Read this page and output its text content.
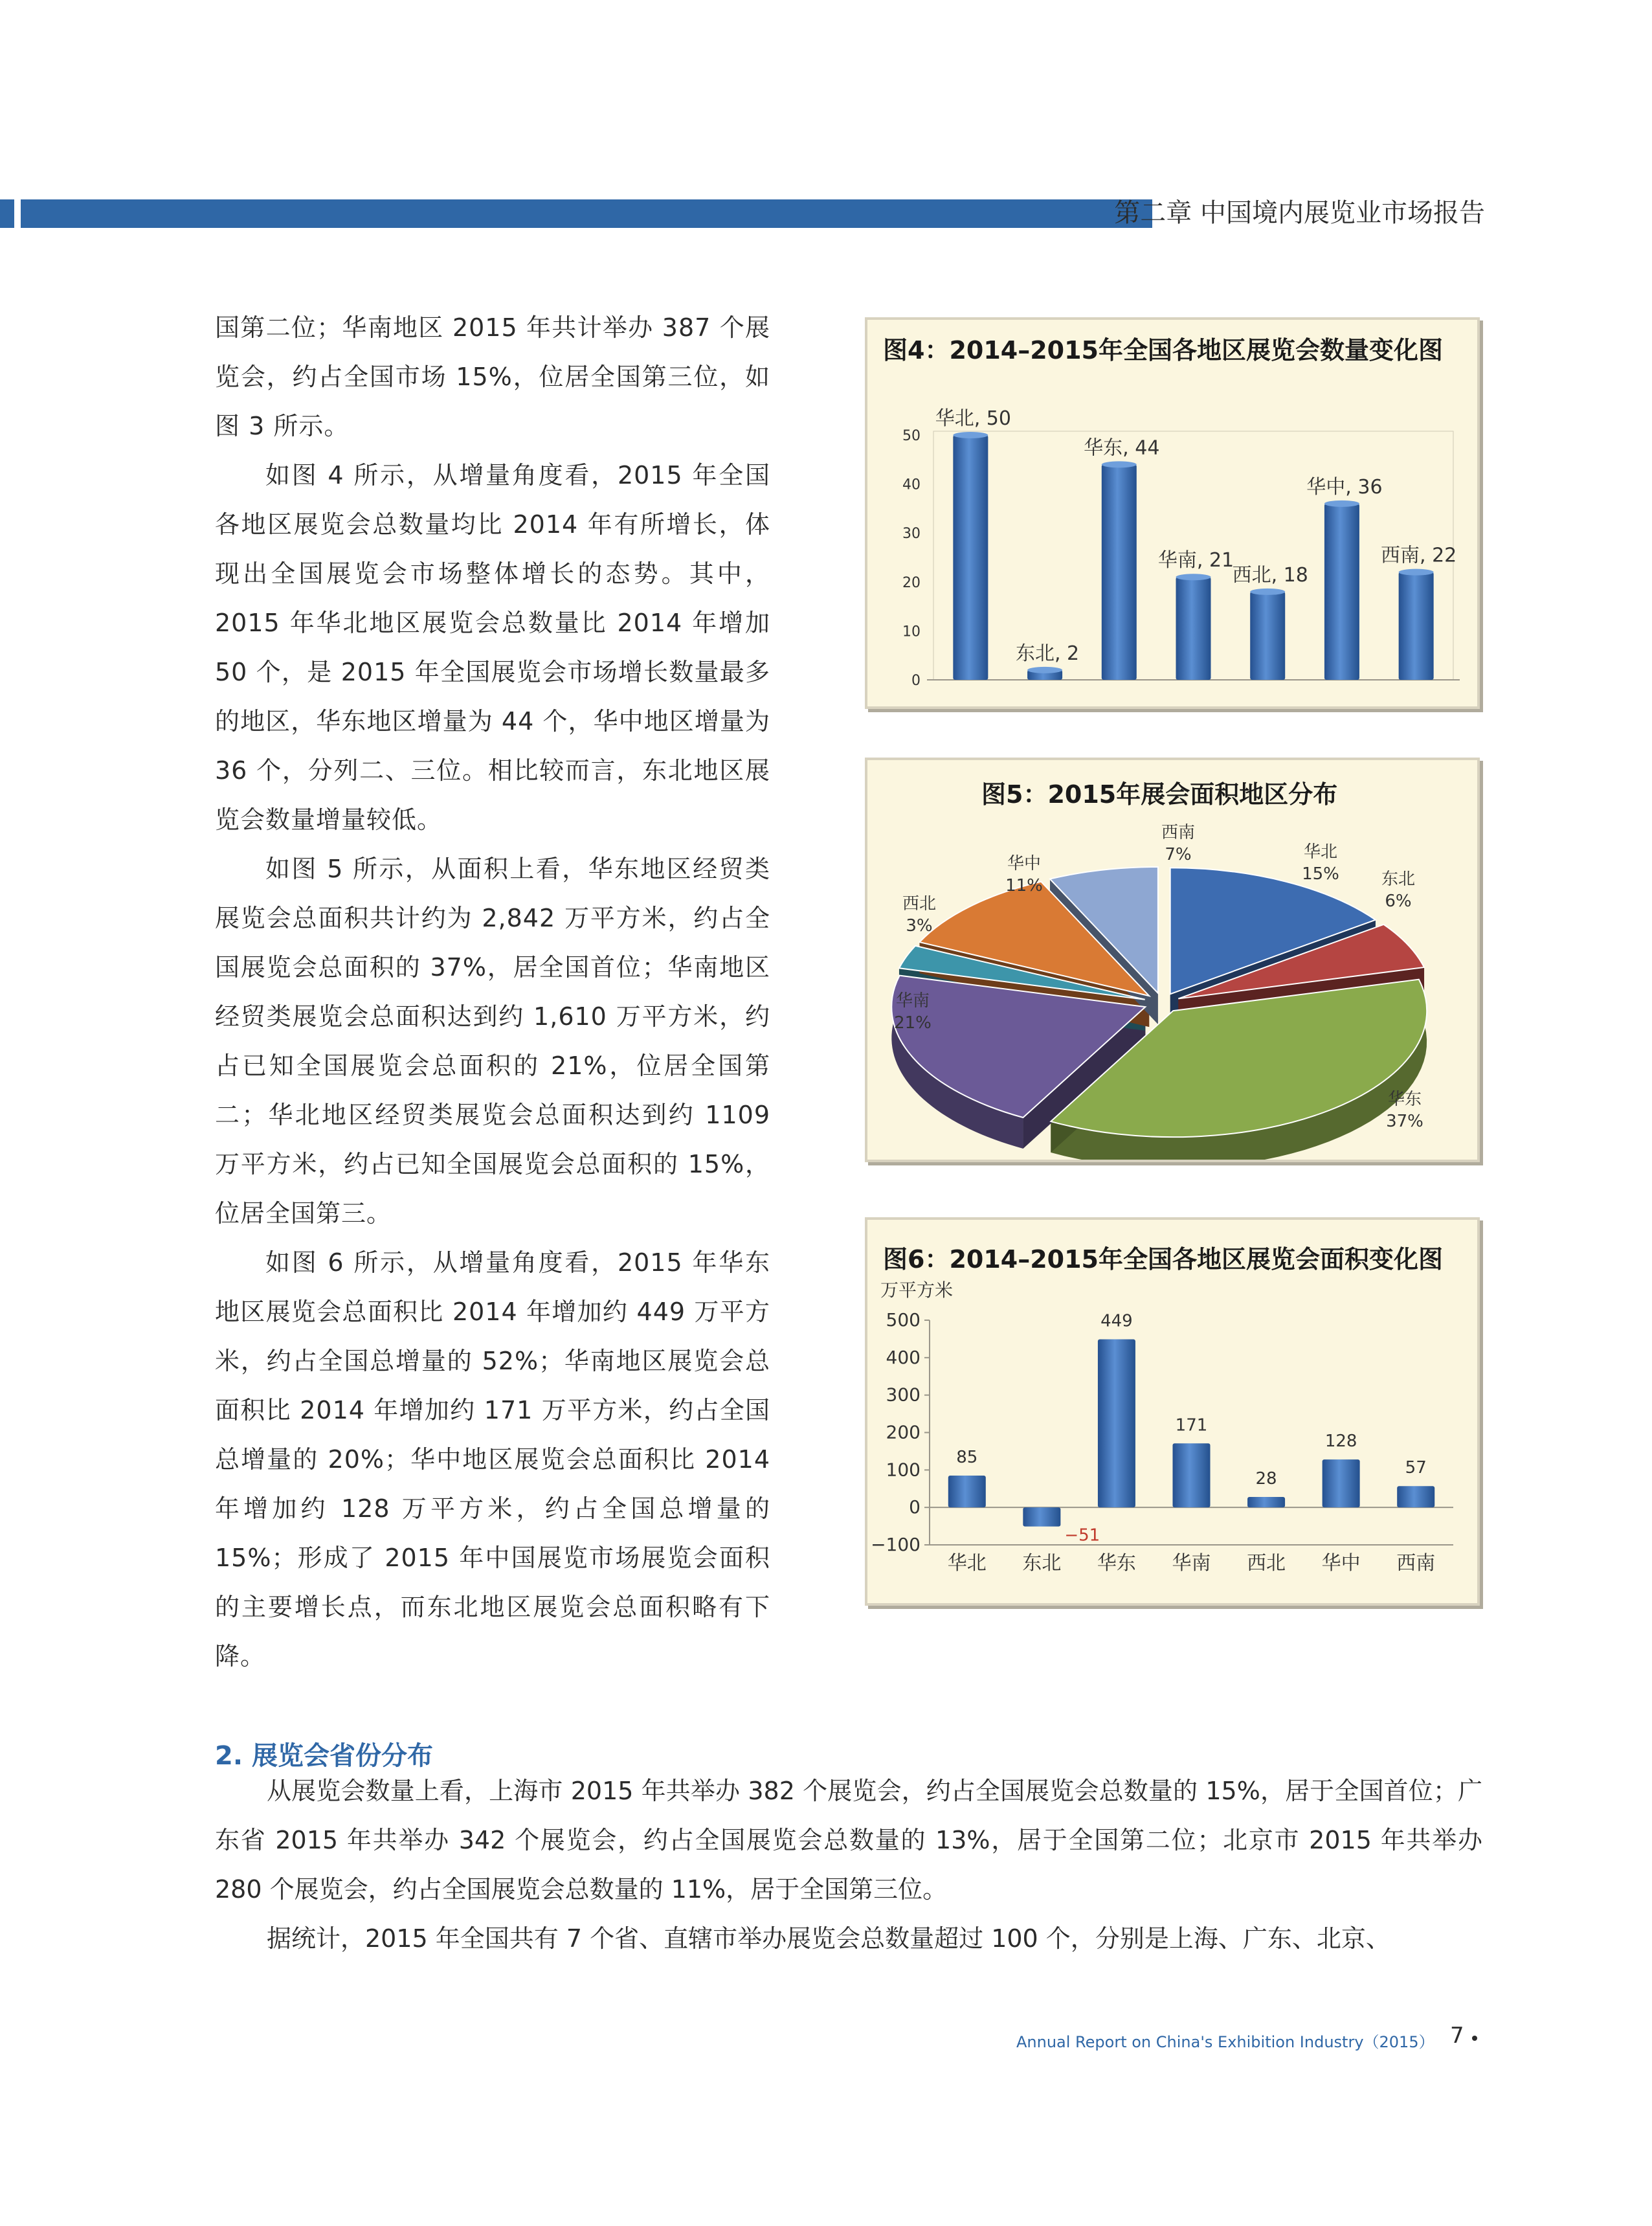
第二章 中国境内展览业市场报告

国第二位；华南地区 2015 年共计举办 387 个展览会，约占全国市场 15%，位居全国第三位，如图 3 所示。

如图 4 所示，从增量角度看，2015 年全国各地区展览会总数量均比 2014 年有所增长，体现出全国展览会市场整体增长的态势。其中，2015 年华北地区展览会总数量比 2014 年增加 50 个，是 2015 年全国展览会市场增长数量最多的地区，华东地区增量为 44 个，华中地区增量为 36 个，分列二、三位。相比较而言，东北地区展览会数量增量较低。

如图 5 所示，从面积上看，华东地区经贸类展览会总面积共计约为 2,842 万平方米，约占全国展览会总面积的 37%，居全国首位；华南地区经贸类展览会总面积达到约 1,610 万平方米，约占已知全国展览会总面积的 21%，位居全国第二；华北地区经贸类展览会总面积达到约 1109 万平方米，约占已知全国展览会总面积的 15%，位居全国第三。

如图 6 所示，从增量角度看，2015 年华东地区展览会总面积比 2014 年增加约 449 万平方米，约占全国总增量的 52%；华南地区展览会总面积比 2014 年增加约 171 万平方米，约占全国总增量的 20%；华中地区展览会总面积比 2014 年增加约 128 万平方米，约占全国总增量的 15%；形成了 2015 年中国展览市场展览会面积的主要增长点，而东北地区展览会总面积略有下降。

图4：2014–2015年全国各地区展览会数量变化图
0
10
20
30
40
50
华北, 50
东北, 2
华东, 44
华南, 21
西北, 18
华中, 36
西南, 22
图5：2015年展会面积地区分布
华北
15%	东北
6%
华东
37%
华南
21%
西北
3%
华中
11%
西南
7%
图6：2014–2015年全国各地区展览会面积变化图
万平方米
−100
0
100
200
300
400
500
85
华北
−51
东北
449
华东
171
华南
28
西北
128
华中
57
西南
2. 展览会省份分布

从展览会数量上看，上海市 2015 年共举办 382 个展览会，约占全国展览会总数量的 15%，居于全国首位；广东省 2015 年共举办 342 个展览会，约占全国展览会总数量的 13%，居于全国第二位；北京市 2015 年共举办 280 个展览会，约占全国展览会总数量的 11%，居于全国第三位。

据统计，2015 年全国共有 7 个省、直辖市举办展览会总数量超过 100 个，分别是上海、广东、北京、

Annual Report on China's Exhibition Industry（2015） 7
